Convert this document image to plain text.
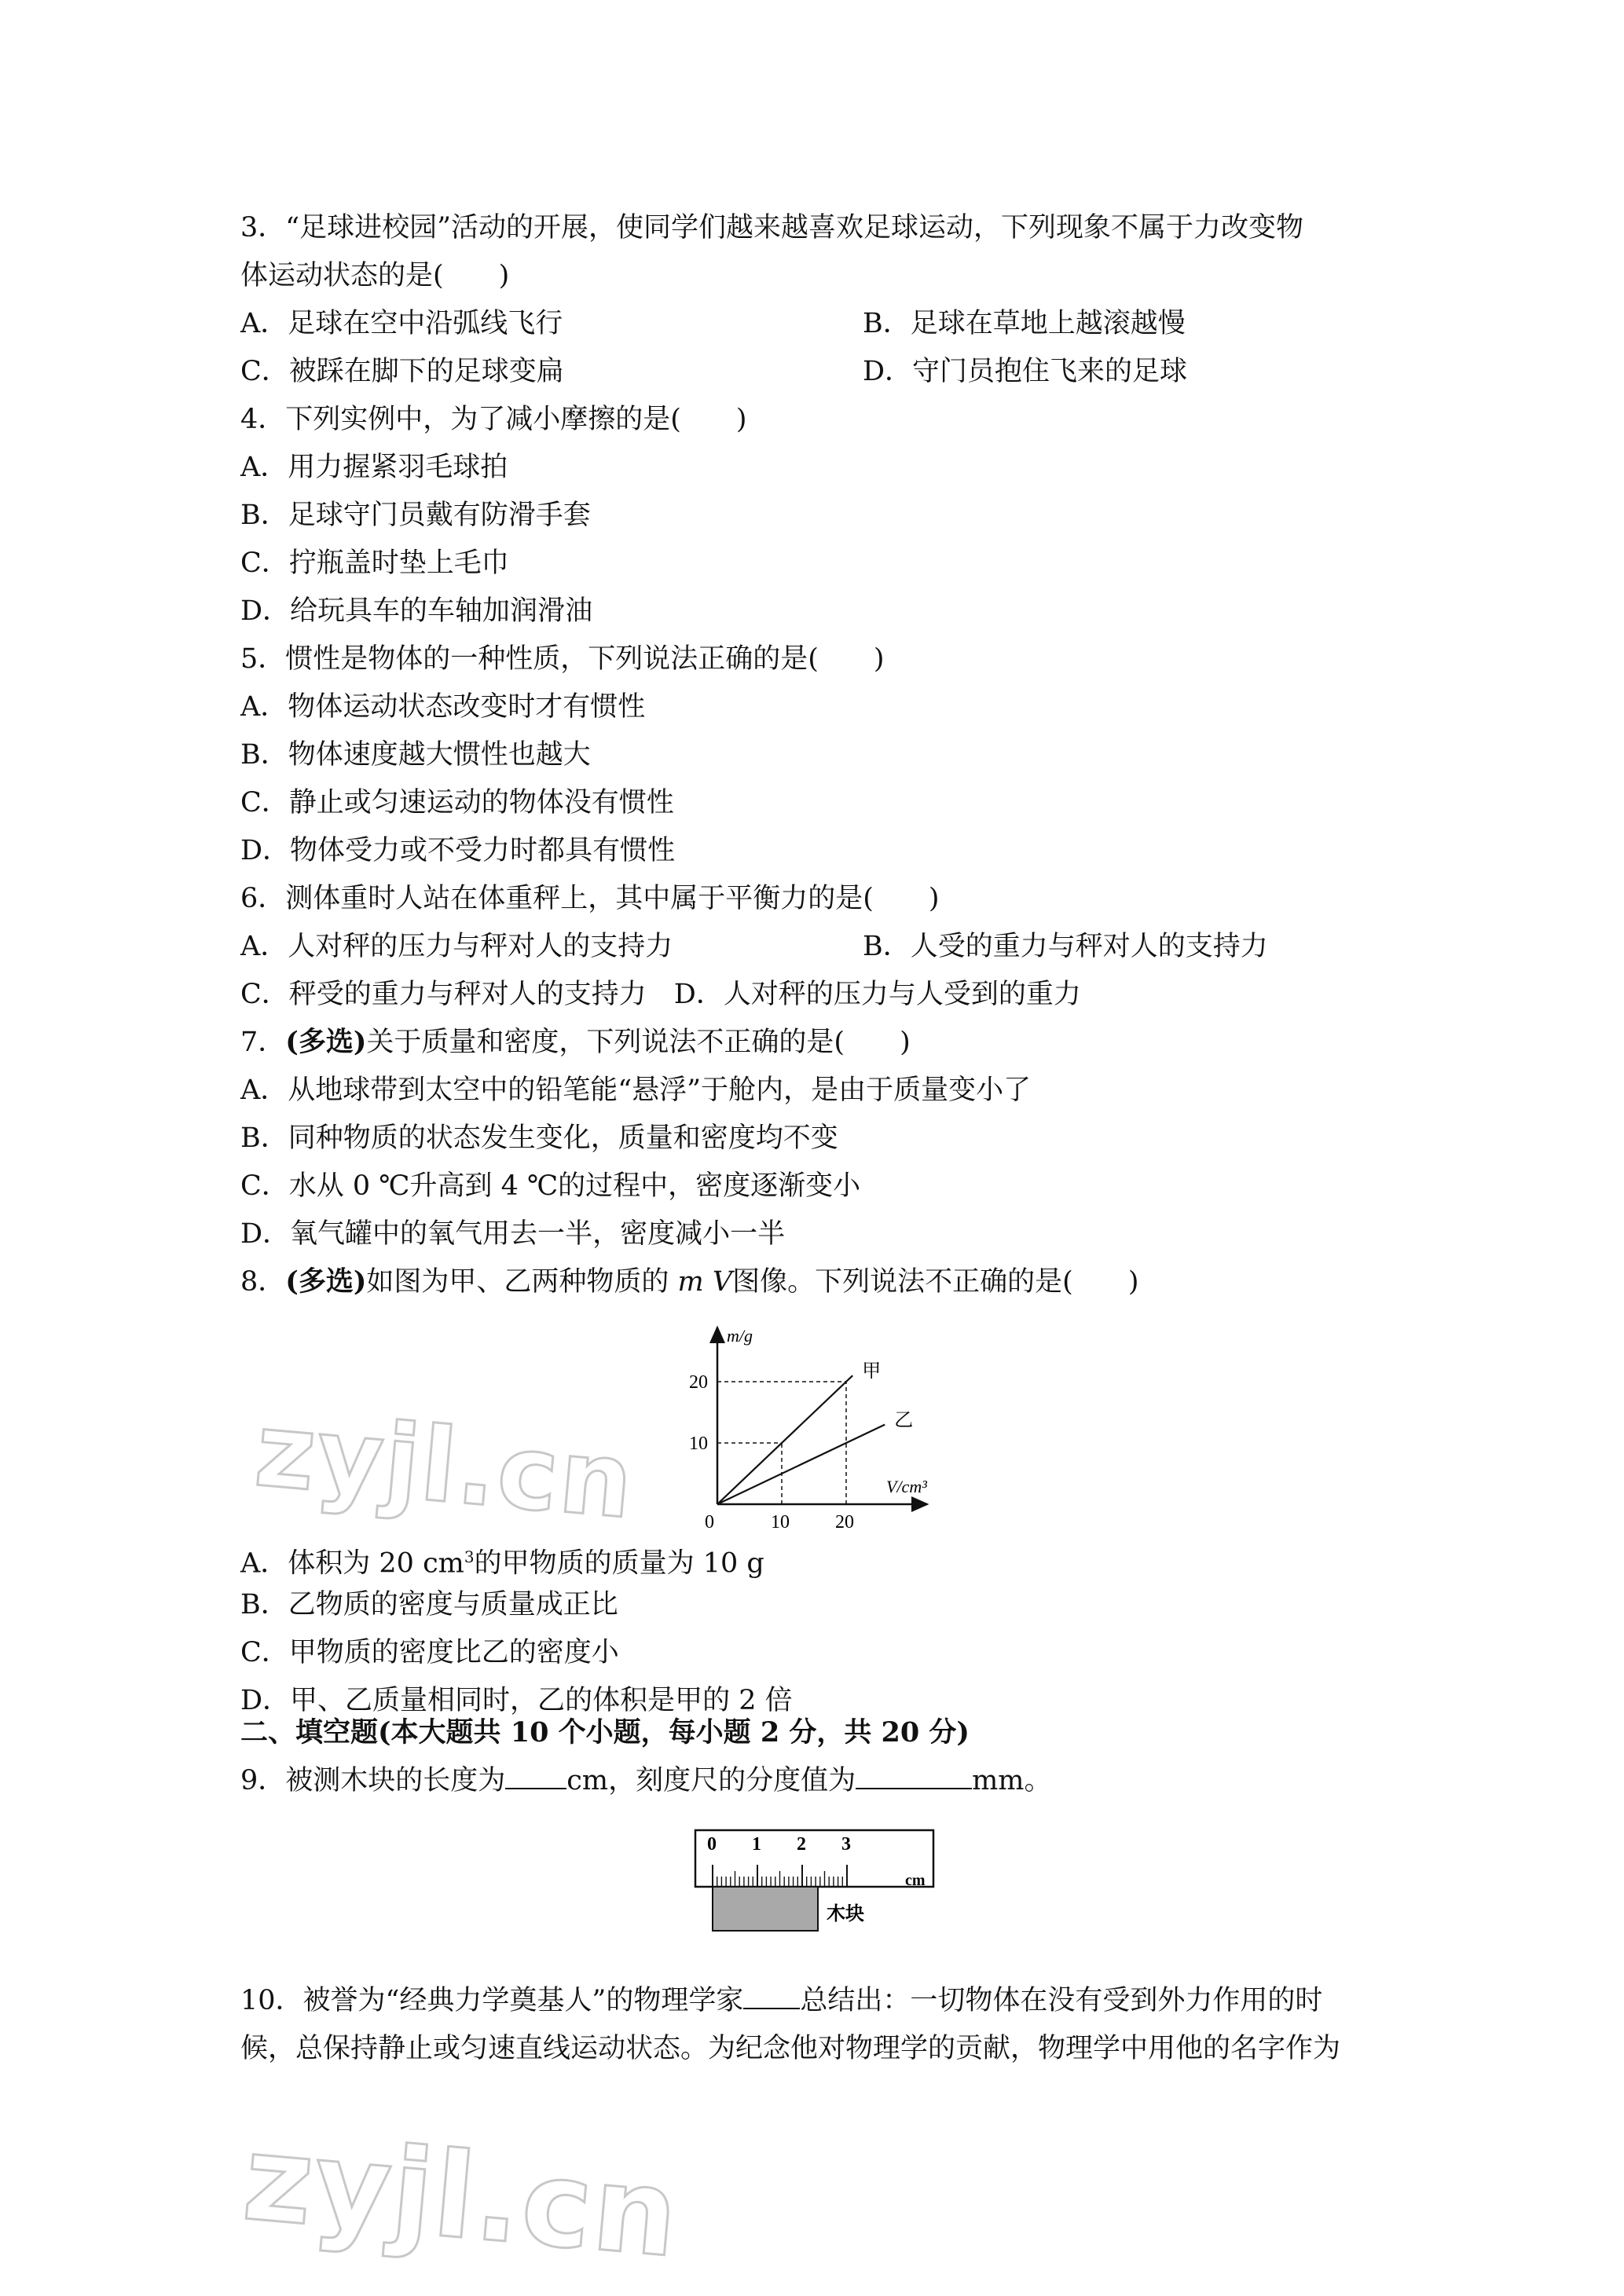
3．“足球进校园”活动的开展，使同学们越来越喜欢足球运动，下列现象不属于力改变物
体运动状态的是(　　)
A．足球在空中沿弧线飞行	B．足球在草地上越滚越慢
C．被踩在脚下的足球变扁	D．守门员抱住飞来的足球
4．下列实例中，为了减小摩擦的是(　　)
A．用力握紧羽毛球拍
B．足球守门员戴有防滑手套
C．拧瓶盖时垫上毛巾
D．给玩具车的车轴加润滑油
5．惯性是物体的一种性质，下列说法正确的是(　　)
A．物体运动状态改变时才有惯性
B．物体速度越大惯性也越大
C．静止或匀速运动的物体没有惯性
D．物体受力或不受力时都具有惯性
6．测体重时人站在体重秤上，其中属于平衡力的是(　　)
A．人对秤的压力与秤对人的支持力	B．人受的重力与秤对人的支持力
C．秤受的重力与秤对人的支持力　D．人对秤的压力与人受到的重力
7．(多选)关于质量和密度，下列说法不正确的是(　　)
A．从地球带到太空中的铅笔能“悬浮”于舱内，是由于质量变小了
B．同种物质的状态发生变化，质量和密度均不变
C．水从 0 ℃升高到 4 ℃的过程中，密度逐渐变小
D．氧气罐中的氧气用去一半，密度减小一半
8．(多选)如图为甲、乙两种物质的 m V图像。下列说法不正确的是(　　)
甲
乙
10 20
10
20
0
m/g
V/cm³
二、填空题(本大题共 10 个小题，每小题 2 分，共 20 分)
9．被测木块的长度为 cm，刻度尺的分度值为	mm。
0 1 2 3
cm
木块
10．被誉为“经典力学奠基人”的物理学家 总结出：一切物体在没有受到外力作用的时
候，总保持静止或匀速直线运动状态。为纪念他对物理学的贡献，物理学中用他的名字作为
A．体积为 20 $cm^3$的甲物质的质量为 10 g
B．乙物质的密度与质量成正比
C．甲物质的密度比乙的密度小
D．甲、乙质量相同时，乙的体积是甲的 2 倍
zyjl.cn
zyjl.cn
